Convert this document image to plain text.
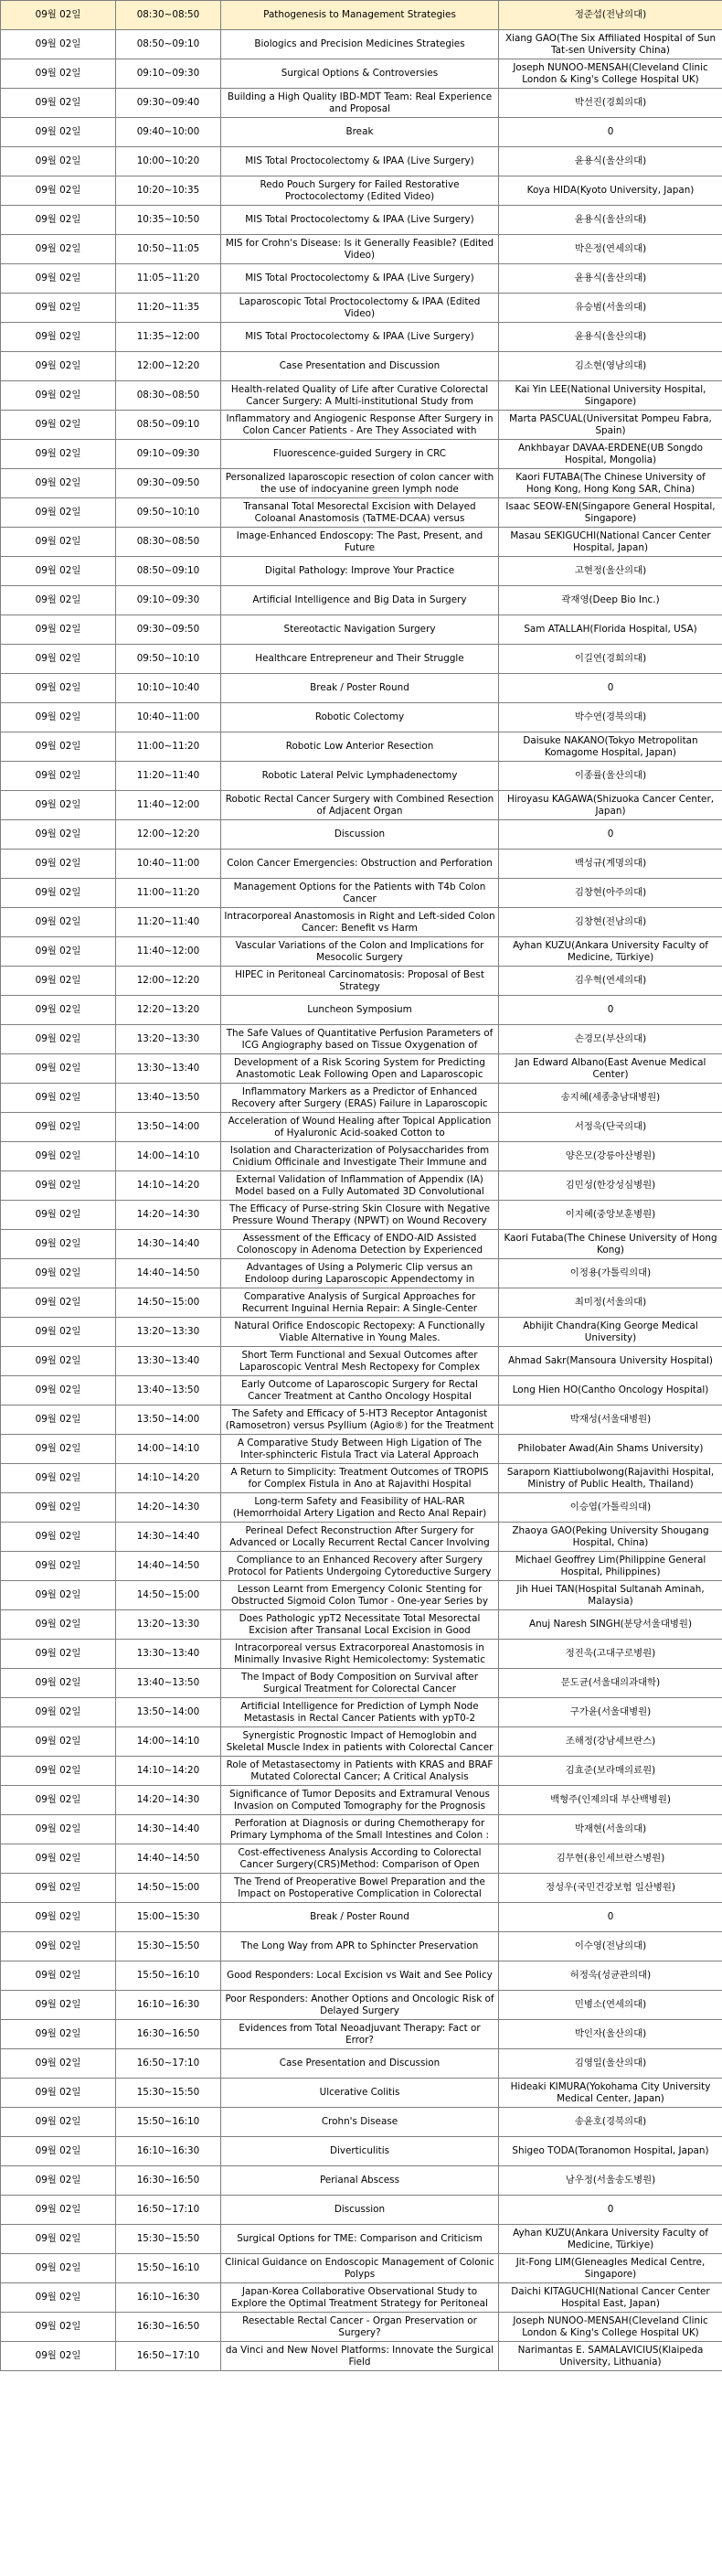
09월 02일	08:30~08:50	Pathogenesis to Management Strategies	정준섭(전남의대)
09월 02일	08:50~09:10	Biologics and Precision Medicines Strategies	Xiang GAO(The Six Affiliated Hospital of Sun Tat-sen University China)
09월 02일	09:10~09:30	Surgical Options & Controversies	Joseph NUNOO-MENSAH(Cleveland Clinic London & King's College Hospital UK)
09월 02일	09:30~09:40	Building a High Quality IBD-MDT Team: Real Experience and Proposal	박선진(경희의대)
09월 02일	09:40~10:00	Break	0
09월 02일	10:00~10:20	MIS Total Proctocolectomy & IPAA (Live Surgery)	윤용식(울산의대)
09월 02일	10:20~10:35	Redo Pouch Surgery for Failed Restorative Proctocolectomy (Edited Video)	Koya HIDA(Kyoto University, Japan)
09월 02일	10:35~10:50	MIS Total Proctocolectomy & IPAA (Live Surgery)	윤용식(울산의대)
09월 02일	10:50~11:05	MIS for Crohn's Disease: Is it Generally Feasible? (Edited Video)	박은정(연세의대)
09월 02일	11:05~11:20	MIS Total Proctocolectomy & IPAA (Live Surgery)	윤용식(울산의대)
09월 02일	11:20~11:35	Laparoscopic Total Proctocolectomy & IPAA (Edited Video)	유승범(서울의대)
09월 02일	11:35~12:00	MIS Total Proctocolectomy & IPAA (Live Surgery)	윤용식(울산의대)
09월 02일	12:00~12:20	Case Presentation and Discussion	김소현(영남의대)
09월 02일	08:30~08:50	Health-related Quality of Life after Curative Colorectal Cancer Surgery: A Multi-institutional Study from	Kai Yin LEE(National University Hospital, Singapore)
09월 02일	08:50~09:10	Inflammatory and Angiogenic Response After Surgery in Colon Cancer Patients - Are They Associated with	Marta PASCUAL(Universitat Pompeu Fabra, Spain)
09월 02일	09:10~09:30	Fluorescence-guided Surgery in CRC	Ankhbayar DAVAA-ERDENE(UB Songdo Hospital, Mongolia)
09월 02일	09:30~09:50	Personalized laparoscopic resection of colon cancer with the use of indocyanine green lymph node	Kaori FUTABA(The Chinese University of Hong Kong, Hong Kong SAR, China)
09월 02일	09:50~10:10	Transanal Total Mesorectal Excision with Delayed Coloanal Anastomosis (TaTME-DCAA) versus	Isaac SEOW-EN(Singapore General Hospital, Singapore)
09월 02일	08:30~08:50	Image-Enhanced Endoscopy: The Past, Present, and Future	Masau SEKIGUCHI(National Cancer Center Hospital, Japan)
09월 02일	08:50~09:10	Digital Pathology: Improve Your Practice	고현정(울산의대)
09월 02일	09:10~09:30	Artificial Intelligence and Big Data in Surgery	곽재영(Deep Bio Inc.)
09월 02일	09:30~09:50	Stereotactic Navigation Surgery	Sam ATALLAH(Florida Hospital, USA)
09월 02일	09:50~10:10	Healthcare Entrepreneur and Their Struggle	이길연(경희의대)
09월 02일	10:10~10:40	Break / Poster Round	0
09월 02일	10:40~11:00	Robotic Colectomy	박수연(경북의대)
09월 02일	11:00~11:20	Robotic Low Anterior Resection	Daisuke NAKANO(Tokyo Metropolitan Komagome Hospital, Japan)
09월 02일	11:20~11:40	Robotic Lateral Pelvic Lymphadenectomy	이종률(울산의대)
09월 02일	11:40~12:00	Robotic Rectal Cancer Surgery with Combined Resection of Adjacent Organ	Hiroyasu KAGAWA(Shizuoka Cancer Center, Japan)
09월 02일	12:00~12:20	Discussion	0
09월 02일	10:40~11:00	Colon Cancer Emergencies: Obstruction and Perforation	백성규(계명의대)
09월 02일	11:00~11:20	Management Options for the Patients with T4b Colon Cancer	김창현(아주의대)
09월 02일	11:20~11:40	Intracorporeal Anastomosis in Right and Left-sided Colon Cancer: Benefit vs Harm	김창현(전남의대)
09월 02일	11:40~12:00	Vascular Variations of the Colon and Implications for Mesocolic Surgery	Ayhan KUZU(Ankara University Faculty of Medicine, Türkiye)
09월 02일	12:00~12:20	HIPEC in Peritoneal Carcinomatosis: Proposal of Best Strategy	김우혁(연세의대)
09월 02일	12:20~13:20	Luncheon Symposium	0
09월 02일	13:20~13:30	The Safe Values of Quantitative Perfusion Parameters of ICG Angiography based on Tissue Oxygenation of	손경모(부산의대)
09월 02일	13:30~13:40	Development of a Risk Scoring System for Predicting Anastomotic Leak Following Open and Laparoscopic	Jan Edward Albano(East Avenue Medical Center)
09월 02일	13:40~13:50	Inflammatory Markers as a Predictor of Enhanced Recovery after Surgery (ERAS) Failure in Laparoscopic	송지혜(세종충남대병원)
09월 02일	13:50~14:00	Acceleration of Wound Healing after Topical Application of Hyaluronic Acid-soaked Cotton to	서정욱(단국의대)
09월 02일	14:00~14:10	Isolation and Characterization of Polysaccharides from Cnidium Officinale and Investigate Their Immune and	양은모(강릉아산병원)
09월 02일	14:10~14:20	External Validation of Inflammation of Appendix (IA) Model based on a Fully Automated 3D Convolutional	김민성(한강성심병원)
09월 02일	14:20~14:30	The Efficacy of Purse-string Skin Closure with Negative Pressure Wound Therapy (NPWT) on Wound Recovery	이지혜(중앙보훈병원)
09월 02일	14:30~14:40	Assessment of the Efficacy of ENDO-AID Assisted Colonoscopy in Adenoma Detection by Experienced	Kaori Futaba(The Chinese University of Hong Kong)
09월 02일	14:40~14:50	Advantages of Using a Polymeric Clip versus an Endoloop during Laparoscopic Appendectomy in	이정용(가톨릭의대)
09월 02일	14:50~15:00	Comparative Analysis of Surgical Approaches for Recurrent Inguinal Hernia Repair: A Single-Center	최미정(서울의대)
09월 02일	13:20~13:30	Natural Orifice Endoscopic Rectopexy: A Functionally Viable Alternative in Young Males.	Abhijit Chandra(King George Medical University)
09월 02일	13:30~13:40	Short Term Functional and Sexual Outcomes after Laparoscopic Ventral Mesh Rectopexy for Complex	Ahmad Sakr(Mansoura University Hospital)
09월 02일	13:40~13:50	Early Outcome of Laparoscopic Surgery for Rectal Cancer Treatment at Cantho Oncology Hospital	Long Hien HO(Cantho Oncology Hospital)
09월 02일	13:50~14:00	The Safety and Efficacy of 5-HT3 Receptor Antagonist (Ramosetron) versus Psyllium (Agio®) for the Treatment	박재성(서울대병원)
09월 02일	14:00~14:10	A Comparative Study Between High Ligation of The Inter-sphincteric Fistula Tract via Lateral Approach	Philobater Awad(Ain Shams University)
09월 02일	14:10~14:20	A Return to Simplicity: Treatment Outcomes of TROPIS for Complex Fistula in Ano at Rajavithi Hospital	Saraporn Kiattiubolwong(Rajavithi Hospital, Ministry of Public Health, Thailand)
09월 02일	14:20~14:30	Long-term Safety and Feasibility of HAL-RAR (Hemorrhoidal Artery Ligation and Recto Anal Repair)	이승엽(가톨릭의대)
09월 02일	14:30~14:40	Perineal Defect Reconstruction After Surgery for Advanced or Locally Recurrent Rectal Cancer Involving	Zhaoya GAO(Peking University Shougang Hospital, China)
09월 02일	14:40~14:50	Compliance to an Enhanced Recovery after Surgery Protocol for Patients Undergoing Cytoreductive Surgery	Michael Geoffrey Lim(Philippine General Hospital, Philippines)
09월 02일	14:50~15:00	Lesson Learnt from Emergency Colonic Stenting for Obstructed Sigmoid Colon Tumor - One-year Series by	Jih Huei TAN(Hospital Sultanah Aminah, Malaysia)
09월 02일	13:20~13:30	Does Pathologic ypT2 Necessitate Total Mesorectal Excision after Transanal Local Excision in Good	Anuj Naresh SINGH(분당서울대병원)
09월 02일	13:30~13:40	Intracorporeal versus Extracorporeal Anastomosis in Minimally Invasive Right Hemicolectomy: Systematic	정진욱(고대구로병원)
09월 02일	13:40~13:50	The Impact of Body Composition on Survival after Surgical Treatment for Colorectal Cancer	문도균(서울대의과대학)
09월 02일	13:50~14:00	Artificial Intelligence for Prediction of Lymph Node Metastasis in Rectal Cancer Patients with ypT0-2	구가윤(서울대병원)
09월 02일	14:00~14:10	Synergistic Prognostic Impact of Hemoglobin and Skeletal Muscle Index in patients with Colorectal Cancer	조해정(강남세브란스)
09월 02일	14:10~14:20	Role of Metastasectomy in Patients with KRAS and BRAF Mutated Colorectal Cancer; A Critical Analysis	김효준(보라매의료원)
09월 02일	14:20~14:30	Significance of Tumor Deposits and Extramural Venous Invasion on Computed Tomography for the Prognosis	백형주(인제의대 부산백병원)
09월 02일	14:30~14:40	Perforation at Diagnosis or during Chemotherapy for Primary Lymphoma of the Small Intestines and Colon :	박재현(서울의대)
09월 02일	14:40~14:50	Cost-effectiveness Analysis According to Colorectal Cancer Surgery(CRS)Method: Comparison of Open	김무현(용인세브란스병원)
09월 02일	14:50~15:00	The Trend of Preoperative Bowel Preparation and the Impact on Postoperative Complication in Colorectal	정성우(국민건강보험 일산병원)
09월 02일	15:00~15:30	Break / Poster Round	0
09월 02일	15:30~15:50	The Long Way from APR to Sphincter Preservation	이수영(전남의대)
09월 02일	15:50~16:10	Good Responders: Local Excision vs Wait and See Policy	허정욱(성균관의대)
09월 02일	16:10~16:30	Poor Responders: Another Options and Oncologic Risk of Delayed Surgery	민병소(연세의대)
09월 02일	16:30~16:50	Evidences from Total Neoadjuvant Therapy: Fact or Error?	박인자(울산의대)
09월 02일	16:50~17:10	Case Presentation and Discussion	김영일(울산의대)
09월 02일	15:30~15:50	Ulcerative Colitis	Hideaki KIMURA(Yokohama City University Medical Center, Japan)
09월 02일	15:50~16:10	Crohn's Disease	송윤호(경북의대)
09월 02일	16:10~16:30	Diverticulitis	Shigeo TODA(Toranomon Hospital, Japan)
09월 02일	16:30~16:50	Perianal Abscess	남우정(서울송도병원)
09월 02일	16:50~17:10	Discussion	0
09월 02일	15:30~15:50	Surgical Options for TME: Comparison and Criticism	Ayhan KUZU(Ankara University Faculty of Medicine, Türkiye)
09월 02일	15:50~16:10	Clinical Guidance on Endoscopic Management of Colonic Polyps	Jit-Fong LIM(Gleneagles Medical Centre, Singapore)
09월 02일	16:10~16:30	Japan-Korea Collaborative Observational Study to Explore the Optimal Treatment Strategy for Peritoneal	Daichi KITAGUCHI(National Cancer Center Hospital East, Japan)
09월 02일	16:30~16:50	Resectable Rectal Cancer - Organ Preservation or Surgery?	Joseph NUNOO-MENSAH(Cleveland Clinic London & King's College Hospital UK)
09월 02일	16:50~17:10	da Vinci and New Novel Platforms: Innovate the Surgical Field	Narimantas E. SAMALAVICIUS(Klaipeda University, Lithuania)
